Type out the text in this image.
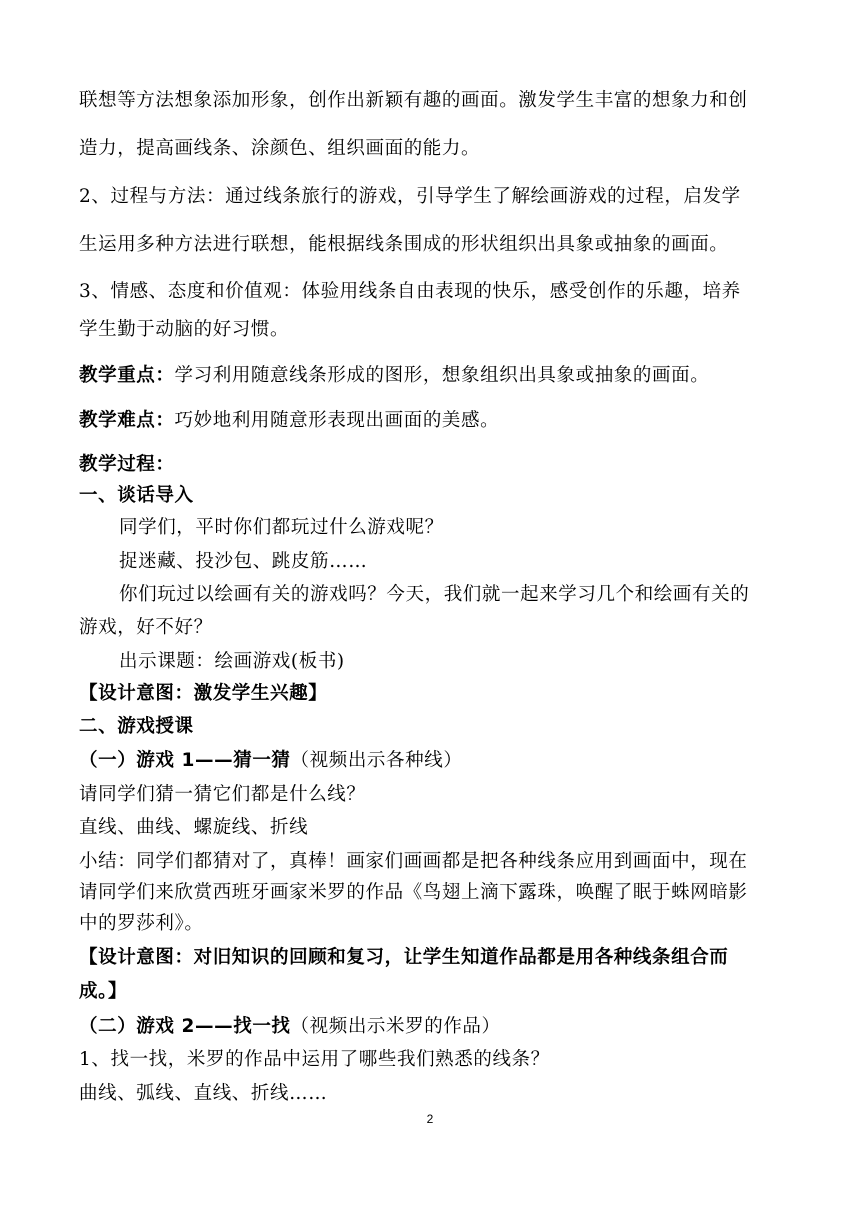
联想等方法想象添加形象，创作出新颖有趣的画面。激发学生丰富的想象力和创
造力，提高画线条、涂颜色、组织画面的能力。
2、过程与方法：通过线条旅行的游戏，引导学生了解绘画游戏的过程，启发学
生运用多种方法进行联想，能根据线条围成的形状组织出具象或抽象的画面。
3、情感、态度和价值观：体验用线条自由表现的快乐，感受创作的乐趣，培养
学生勤于动脑的好习惯。
教学重点：学习利用随意线条形成的图形，想象组织出具象或抽象的画面。
教学难点：巧妙地利用随意形表现出画面的美感。
教学过程：
一、谈话导入
同学们，平时你们都玩过什么游戏呢？
捉迷藏、投沙包、跳皮筋……
你们玩过以绘画有关的游戏吗？今天，我们就一起来学习几个和绘画有关的
游戏，好不好？
出示课题：绘画游戏(板书)
【设计意图：激发学生兴趣】
二、游戏授课
（一）游戏 1——猜一猜（视频出示各种线）
请同学们猜一猜它们都是什么线？
直线、曲线、螺旋线、折线
小结：同学们都猜对了，真棒！画家们画画都是把各种线条应用到画面中，现在
请同学们来欣赏西班牙画家米罗的作品《鸟翅上滴下露珠，唤醒了眠于蛛网暗影
中的罗莎利》。
【设计意图：对旧知识的回顾和复习，让学生知道作品都是用各种线条组合而
成。】
（二）游戏 2——找一找（视频出示米罗的作品）
1、找一找，米罗的作品中运用了哪些我们熟悉的线条？
曲线、弧线、直线、折线……
2
